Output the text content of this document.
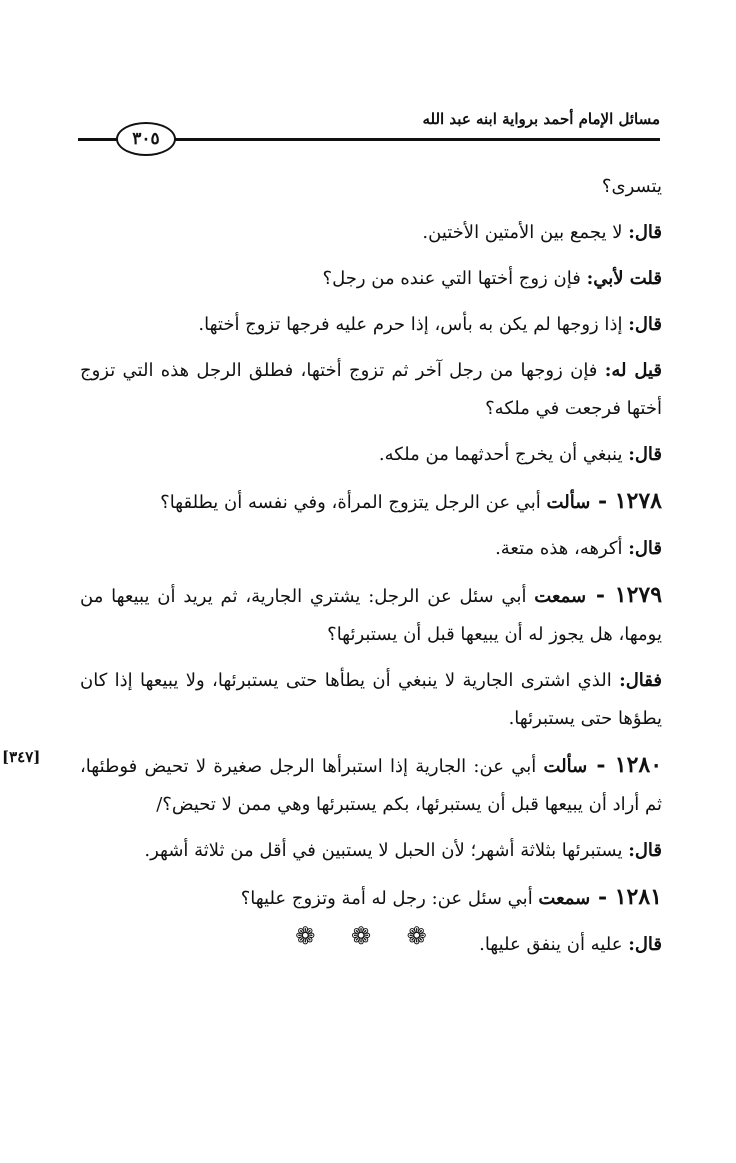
مسائل الإمام أحمد برواية ابنه عبد الله
٣٠٥
[٣٤٧]

يتسرى؟

قال: لا يجمع بين الأمتين الأختين.

قلت لأبي: فإن زوج أختها التي عنده من رجل؟

قال: إذا زوجها لم يكن به بأس، إذا حرم عليه فرجها تزوج أختها.

قيل له: فإن زوجها من رجل آخر ثم تزوج أختها، فطلق الرجل هذه التي تزوج أختها فرجعت في ملكه؟

قال: ينبغي أن يخرج أحدثهما من ملكه.

١٢٧٨ - سألت أبي عن الرجل يتزوج المرأة، وفي نفسه أن يطلقها؟

قال: أكرهه، هذه متعة.

١٢٧٩ - سمعت أبي سئل عن الرجل: يشتري الجارية، ثم يريد أن يبيعها من يومها، هل يجوز له أن يبيعها قبل أن يستبرئها؟

فقال: الذي اشترى الجارية لا ينبغي أن يطأها حتى يستبرئها، ولا يبيعها إذا كان يطؤها حتى يستبرئها.

١٢٨٠ - سألت أبي عن: الجارية إذا استبرأها الرجل صغيرة لا تحيض فوطئها، ثم أراد أن يبيعها قبل أن يستبرئها، بكم يستبرئها وهي ممن لا تحيض؟/

قال: يستبرئها بثلاثة أشهر؛ لأن الحبل لا يستبين في أقل من ثلاثة أشهر.

١٢٨١ - سمعت أبي سئل عن: رجل له أمة وتزوج عليها؟

قال: عليه أن ينفق عليها.

❁ ❁ ❁
